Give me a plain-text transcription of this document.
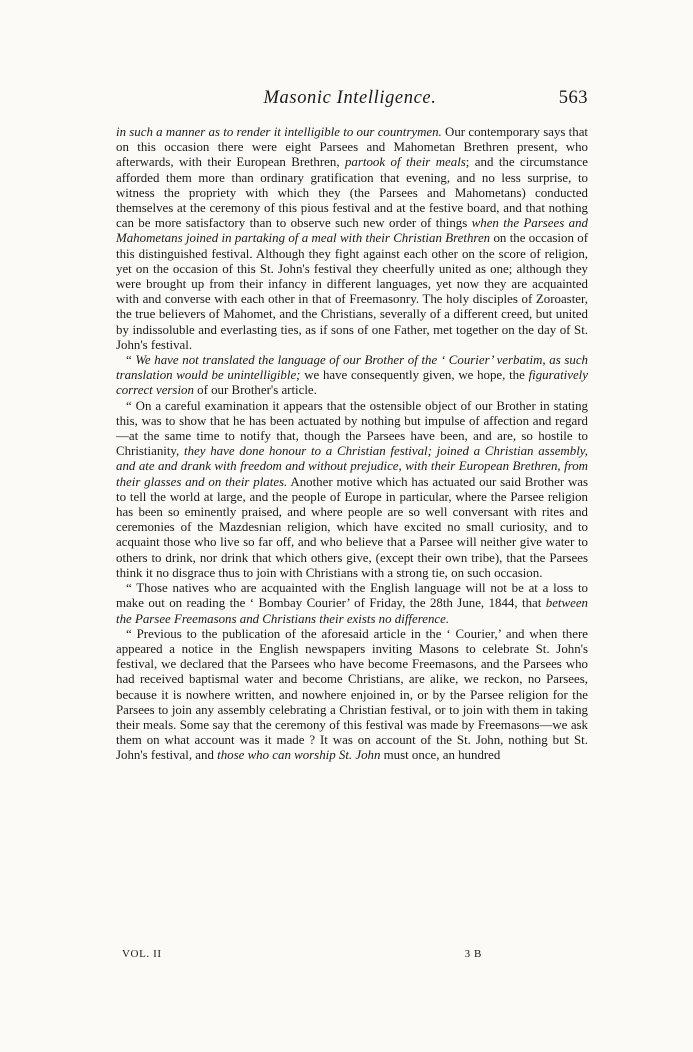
Masonic Intelligence.	563

in such a manner as to render it intelligible to our countrymen. Our contemporary says that on this occasion there were eight Parsees and Mahometan Brethren present, who afterwards, with their European Brethren, partook of their meals; and the circumstance afforded them more than ordinary gratification that evening, and no less surprise, to witness the propriety with which they (the Parsees and Mahometans) conducted themselves at the ceremony of this pious festival and at the festive board, and that nothing can be more satisfactory than to observe such new order of things when the Parsees and Mahometans joined in partaking of a meal with their Christian Brethren on the occasion of this distinguished festival. Although they fight against each other on the score of religion, yet on the occasion of this St. John's festival they cheerfully united as one; although they were brought up from their infancy in different languages, yet now they are acquainted with and converse with each other in that of Freemasonry. The holy disciples of Zoroaster, the true believers of Mahomet, and the Christians, severally of a different creed, but united by indissoluble and everlasting ties, as if sons of one Father, met together on the day of St. John's festival.

“ We have not translated the language of our Brother of the ‘ Courier’ verbatim, as such translation would be unintelligible; we have consequently given, we hope, the figuratively correct version of our Brother's article.

“ On a careful examination it appears that the ostensible object of our Brother in stating this, was to show that he has been actuated by nothing but impulse of affection and regard—at the same time to notify that, though the Parsees have been, and are, so hostile to Christianity, they have done honour to a Christian festival; joined a Christian assembly, and ate and drank with freedom and without prejudice, with their European Brethren, from their glasses and on their plates. Another motive which has actuated our said Brother was to tell the world at large, and the people of Europe in particular, where the Parsee religion has been so eminently praised, and where people are so well conversant with rites and ceremonies of the Mazdesnian religion, which have excited no small curiosity, and to acquaint those who live so far off, and who believe that a Parsee will neither give water to others to drink, nor drink that which others give, (except their own tribe), that the Parsees think it no disgrace thus to join with Christians with a strong tie, on such occasion.

“ Those natives who are acquainted with the English language will not be at a loss to make out on reading the ‘ Bombay Courier’ of Friday, the 28th June, 1844, that between the Parsee Freemasons and Christians their exists no difference.

“ Previous to the publication of the aforesaid article in the ‘ Courier,’ and when there appeared a notice in the English newspapers inviting Masons to celebrate St. John's festival, we declared that the Parsees who have become Freemasons, and the Parsees who had received baptismal water and become Christians, are alike, we reckon, no Parsees, because it is nowhere written, and nowhere enjoined in, or by the Parsee religion for the Parsees to join any assembly celebrating a Christian festival, or to join with them in taking their meals. Some say that the ceremony of this festival was made by Freemasons—we ask them on what account was it made ? It was on account of the St. John, nothing but St. John's festival, and those who can worship St. John must once, an hundred

VOL. II	3 B
